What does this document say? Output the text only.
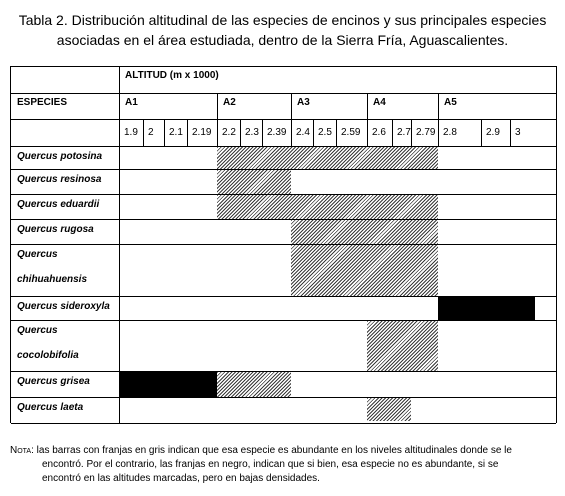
Tabla 2. Distribución altitudinal de las especies de encinos y sus principales especies
asociadas en el área estudiada, dentro de la Sierra Fría, Aguascalientes.
ALTITUD (m x 1000)
ESPECIES	A1	A2	A3	A4	A5
1.9 2 2.1 2.19 2.2 2.3 2.39 2.4 2.5 2.59 2.6 2.7 2.79 2.8	2.9 3
Quercus potosina
Quercus resinosa
Quercus eduardii
Quercus rugosa
Quercus
chihuahuensis
Quercus sideroxyla
Quercus
cocolobifolia
Quercus grisea
Quercus laeta
Nota: las barras con franjas en gris indican que esa especie es abundante en los niveles altitudinales donde se le
encontró. Por el contrario, las franjas en negro, indican que si bien, esa especie no es abundante, si se
encontró en las altitudes marcadas, pero en bajas densidades.
